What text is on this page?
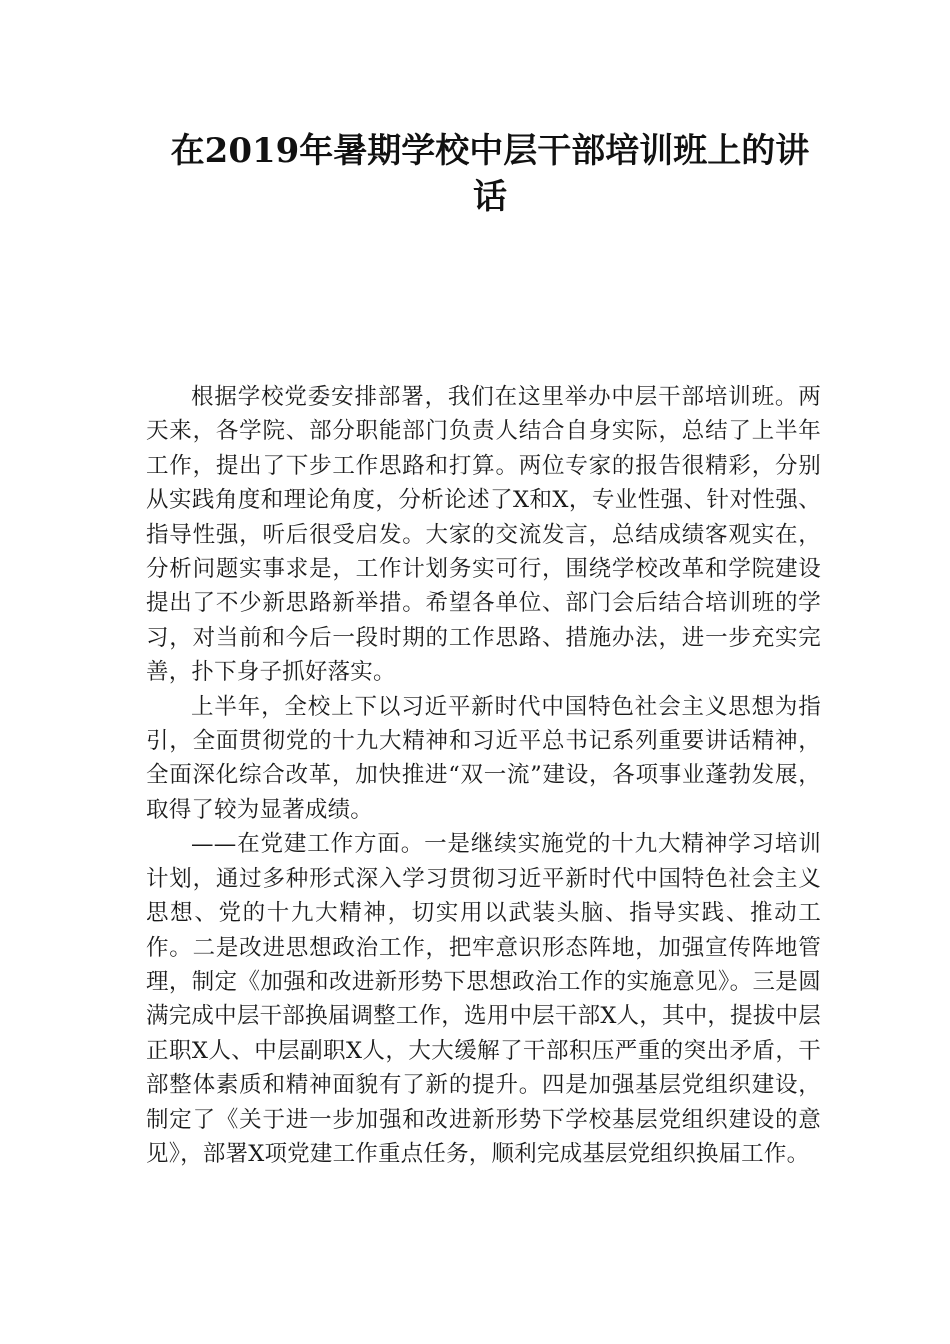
在2019年暑期学校中层干部培训班上的讲话

根据学校党委安排部署，我们在这里举办中层干部培训班。两天来，各学院、部分职能部门负责人结合自身实际，总结了上半年工作，提出了下步工作思路和打算。两位专家的报告很精彩，分别从实践角度和理论角度，分析论述了X和X，专业性强、针对性强、指导性强，听后很受启发。大家的交流发言，总结成绩客观实在，分析问题实事求是，工作计划务实可行，围绕学校改革和学院建设提出了不少新思路新举措。希望各单位、部门会后结合培训班的学习，对当前和今后一段时期的工作思路、措施办法，进一步充实完善，扑下身子抓好落实。

上半年，全校上下以习近平新时代中国特色社会主义思想为指引，全面贯彻党的十九大精神和习近平总书记系列重要讲话精神，全面深化综合改革，加快推进“双一流”建设，各项事业蓬勃发展，取得了较为显著成绩。

——在党建工作方面。一是继续实施党的十九大精神学习培训计划，通过多种形式深入学习贯彻习近平新时代中国特色社会主义思想、党的十九大精神，切实用以武装头脑、指导实践、推动工作。二是改进思想政治工作，把牢意识形态阵地，加强宣传阵地管理，制定《加强和改进新形势下思想政治工作的实施意见》。三是圆满完成中层干部换届调整工作，选用中层干部X人，其中，提拔中层正职X人、中层副职X人，大大缓解了干部积压严重的突出矛盾，干部整体素质和精神面貌有了新的提升。四是加强基层党组织建设，制定了《关于进一步加强和改进新形势下学校基层党组织建设的意见》，部署X项党建工作重点任务，顺利完成基层党组织换届工作。
